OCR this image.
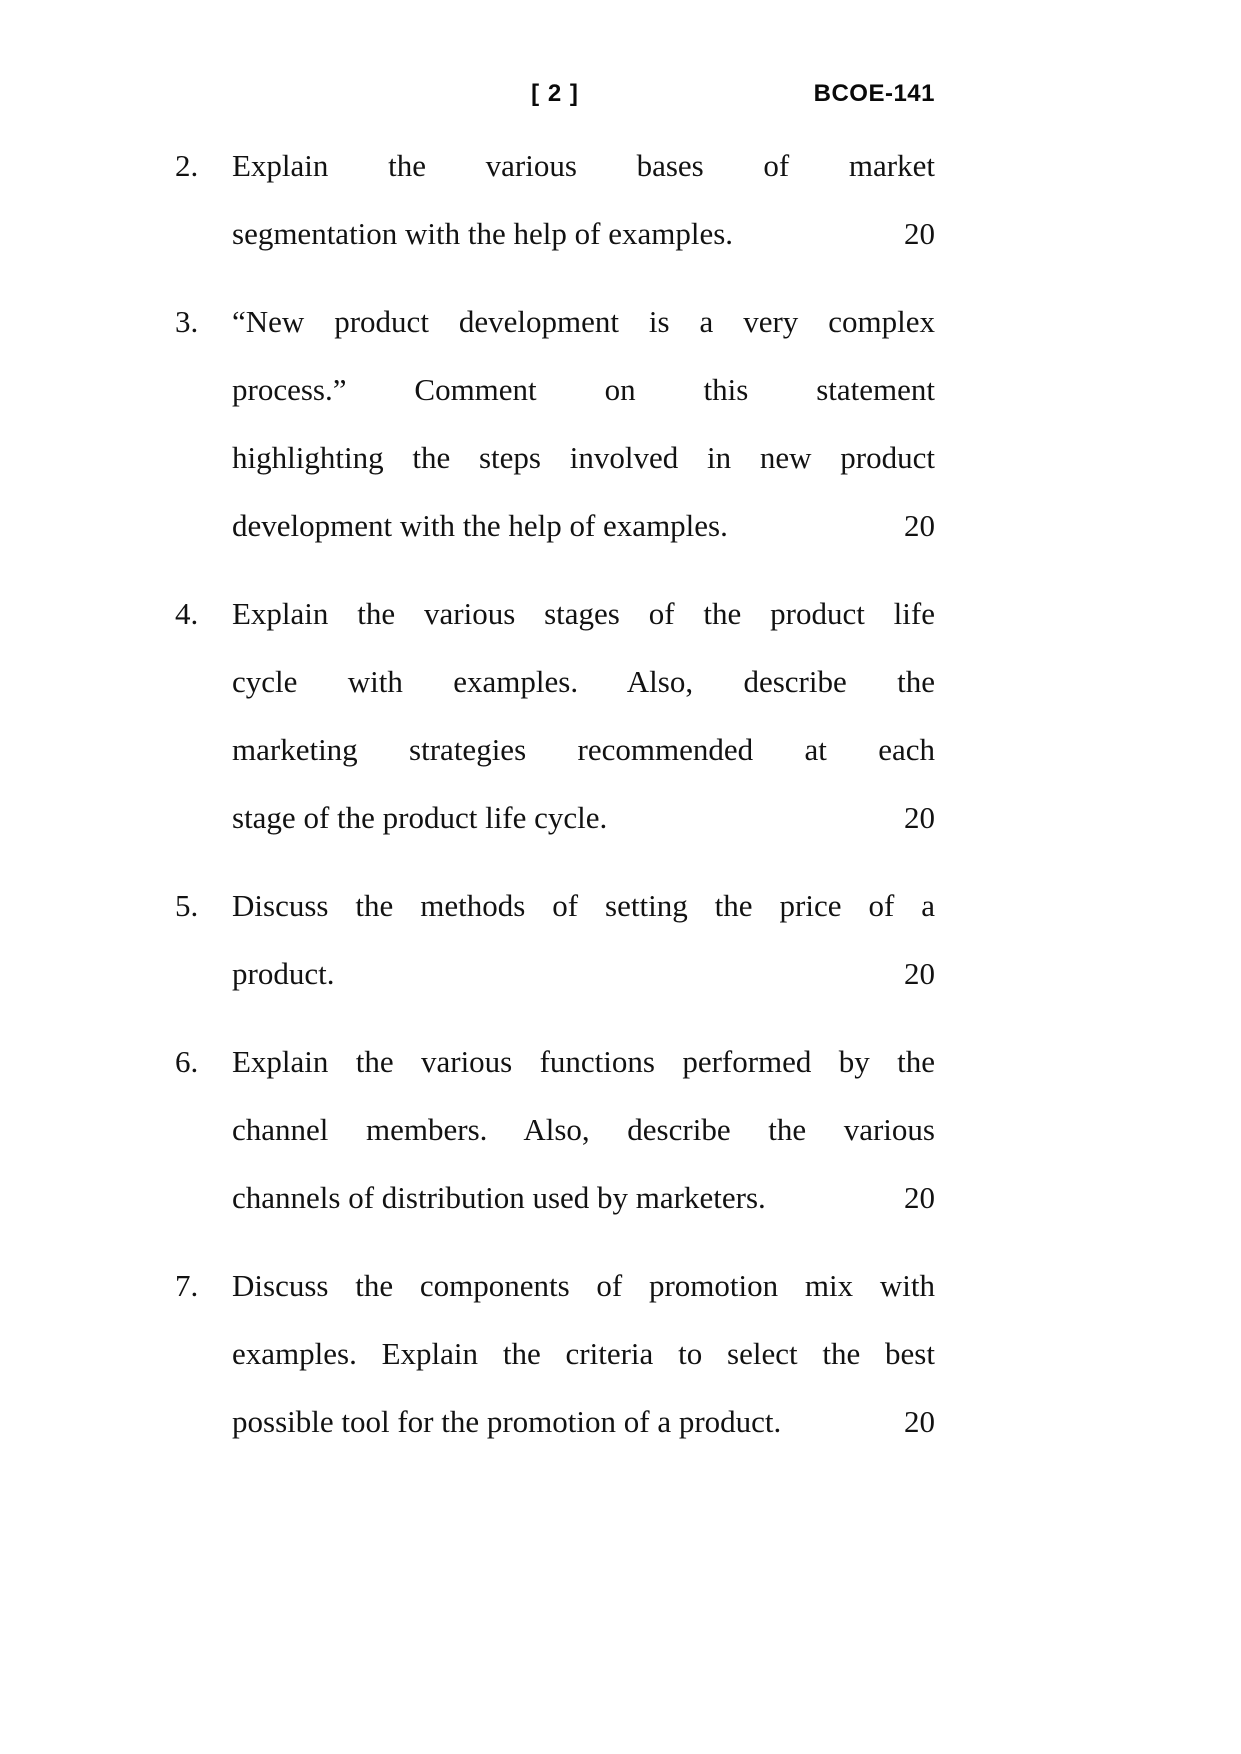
[ 2 ]	BCOE-141
2.	Explain the various bases of market
segmentation with the help of examples.	20
3.	“New product development is a very complex
process.” Comment on this statement
highlighting the steps involved in new product
development with the help of examples.	20
4.	Explain the various stages of the product life
cycle with examples. Also, describe the
marketing strategies recommended at each
stage of the product life cycle.	20
5.	Discuss the methods of setting the price of a
product.	20
6.	Explain the various functions performed by the
channel members. Also, describe the various
channels of distribution used by marketers.	20
7.	Discuss the components of promotion mix with
examples. Explain the criteria to select the best
possible tool for the promotion of a product.	20
